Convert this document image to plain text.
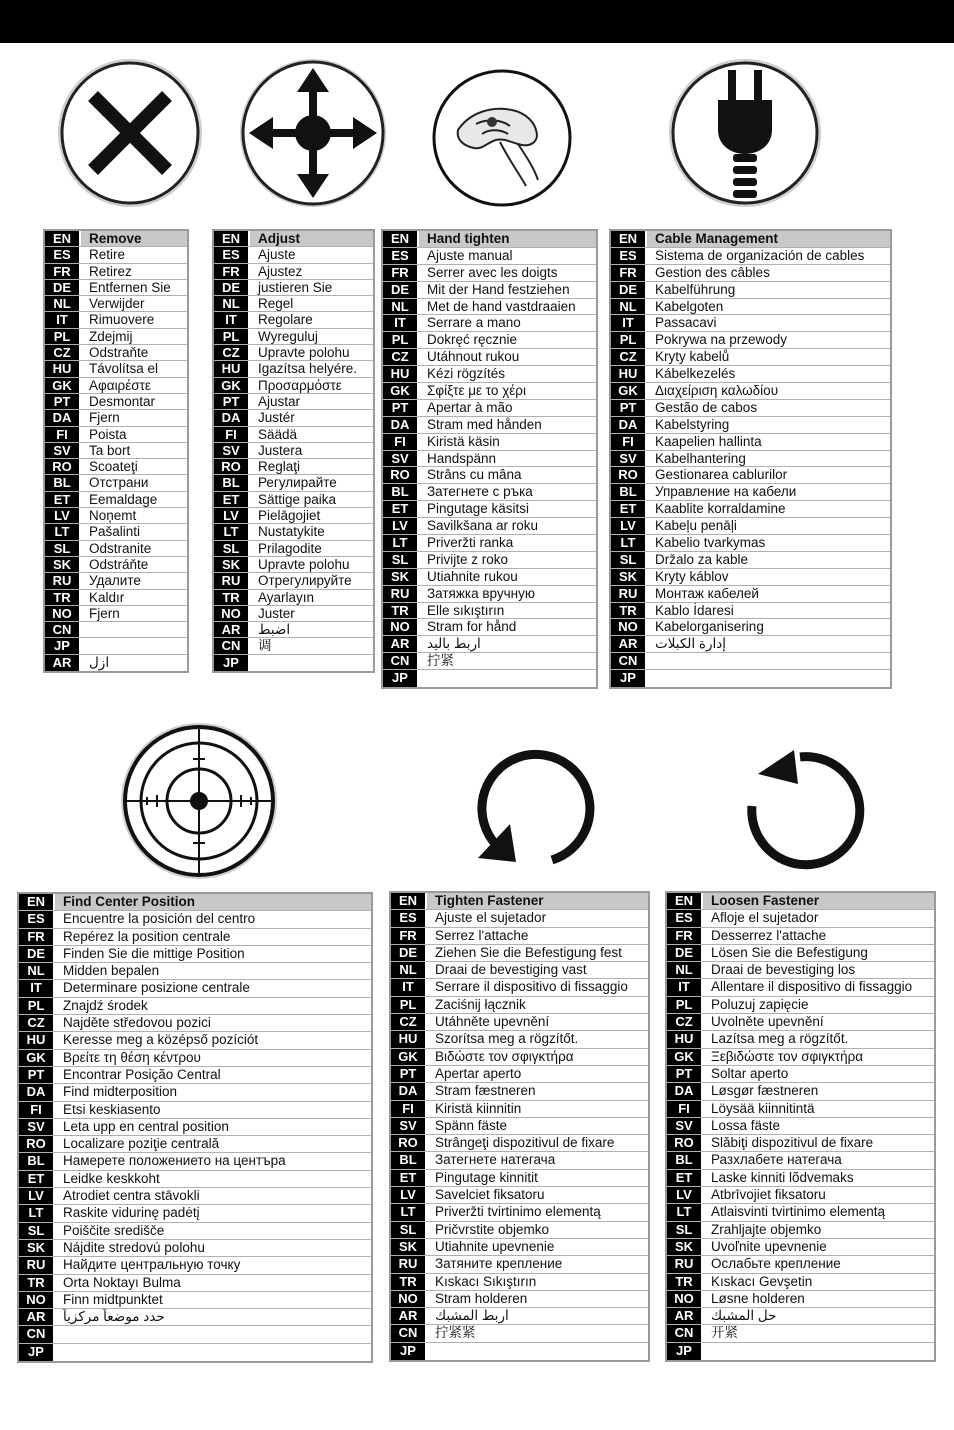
EN	Remove
ES	Retire
FR	Retirez
DE	Entfernen Sie
NL	Verwijder
IT	Rimuovere
PL	Zdejmij
CZ	Odstraňte
HU	Távolítsa el
GK	Αφαιρέστε
PT	Desmontar
DA	Fjern
FI	Poista
SV	Ta bort
RO	Scoateţi
BL	Отстрани
ET	Eemaldage
LV	Noņemt
LT	Pašalinti
SL	Odstranite
SK	Odstráňte
RU	Удалите
TR	Kaldır
NO	Fjern
CN
JP
AR	ازل
EN	Adjust
ES	Ajuste
FR	Ajustez
DE	justieren Sie
NL	Regel
IT	Regolare
PL	Wyreguluj
CZ	Upravte polohu
HU	Igazítsa helyére.
GK	Προσαρμόστε
PT	Ajustar
DA	Justér
FI	Säädä
SV	Justera
RO	Reglaţi
BL	Регулирайте
ET	Sättige paika
LV	Pielāgojiet
LT	Nustatykite
SL	Prilagodite
SK	Upravte polohu
RU	Отрегулируйте
TR	Ayarlayın
NO	Juster
AR	اضبط
CN	调
JP
EN	Hand tighten
ES	Ajuste manual
FR	Serrer avec les doigts
DE	Mit der Hand festziehen
NL	Met de hand vastdraaien
IT	Serrare a mano
PL	Dokręć ręcznie
CZ	Utáhnout rukou
HU	Kézi rögzítés
GK	Σφίξτε με το χέρι
PT	Apertar à mão
DA	Stram med hånden
FI	Kiristä käsin
SV	Handspänn
RO	Strâns cu mâna
BL	Затегнете с ръка
ET	Pingutage käsitsi
LV	Savilkšana ar roku
LT	Priveržti ranka
SL	Privijte z roko
SK	Utiahnite rukou
RU	Затяжка вручную
TR	Elle sıkıştırın
NO	Stram for hånd
AR	اربط باليد
CN	拧紧
JP
EN	Cable Management
ES	Sistema de organización de cables
FR	Gestion des câbles
DE	Kabelführung
NL	Kabelgoten
IT	Passacavi
PL	Pokrywa na przewody
CZ	Kryty kabelů
HU	Kábelkezelés
GK	Διαχείριση καλωδίου
PT	Gestão de cabos
DA	Kabelstyring
FI	Kaapelien hallinta
SV	Kabelhantering
RO	Gestionarea cablurilor
BL	Управление на кабели
ET	Kaablite korraldamine
LV	Kabeļu penāļi
LT	Kabelio tvarkymas
SL	Držalo za kable
SK	Kryty káblov
RU	Монтаж кабелей
TR	Kablo İdaresi
NO	Kabelorganisering
AR	إدارة الكبلات
CN
JP
EN	Find Center Position
ES	Encuentre la posición del centro
FR	Repérez la position centrale
DE	Finden Sie die mittige Position
NL	Midden bepalen
IT	Determinare posizione centrale
PL	Znajdź środek
CZ	Najděte středovou pozici
HU	Keresse meg a középső pozíciót
GK	Βρείτε τη θέση κέντρου
PT	Encontrar Posição Central
DA	Find midterposition
FI	Etsi keskiasento
SV	Leta upp en central position
RO	Localizare poziţie centrală
BL	Намерете положението на центъра
ET	Leidke keskkoht
LV	Atrodiet centra stāvokli
LT	Raskite vidurinę padėtį
SL	Poiščite središče
SK	Nájdite stredovú polohu
RU	Найдите центральную точку
TR	Orta Noktayı Bulma
NO	Finn midtpunktet
AR	حدد موضعاً مركزياً
CN
JP
EN	Tighten Fastener
ES	Ajuste el sujetador
FR	Serrez l'attache
DE	Ziehen Sie die Befestigung fest
NL	Draai de bevestiging vast
IT	Serrare il dispositivo di fissaggio
PL	Zaciśnij łącznik
CZ	Utáhněte upevnění
HU	Szorítsa meg a rögzítőt.
GK	Βιδώστε τον σφιγκτήρα
PT	Apertar aperto
DA	Stram fæstneren
FI	Kiristä kiinnitin
SV	Spänn fäste
RO	Strângeţi dispozitivul de fixare
BL	Затегнете натегача
ET	Pingutage kinnitit
LV	Savelciet fiksatoru
LT	Priveržti tvirtinimo elementą
SL	Pričvrstite objemko
SK	Utiahnite upevnenie
RU	Затяните крепление
TR	Kıskacı Sıkıştırın
NO	Stram holderen
AR	اربط المشبك
CN	拧紧紧
JP
EN	Loosen Fastener
ES	Afloje el sujetador
FR	Desserrez l'attache
DE	Lösen Sie die Befestigung
NL	Draai de bevestiging los
IT	Allentare il dispositivo di fissaggio
PL	Poluzuj zapięcie
CZ	Uvolněte upevnění
HU	Lazítsa meg a rögzítőt.
GK	Ξεβιδώστε τον σφιγκτήρα
PT	Soltar aperto
DA	Løsgør fæstneren
FI	Löysää kiinnitintä
SV	Lossa fäste
RO	Slăbiţi dispozitivul de fixare
BL	Разхлабете натегача
ET	Laske kinniti lõdvemaks
LV	Atbrīvojiet fiksatoru
LT	Atlaisvinti tvirtinimo elementą
SL	Zrahljajte objemko
SK	Uvoľnite upevnenie
RU	Ослабьте крепление
TR	Kıskacı Gevşetin
NO	Løsne holderen
AR	حل المشبك
CN	开紧
JP
